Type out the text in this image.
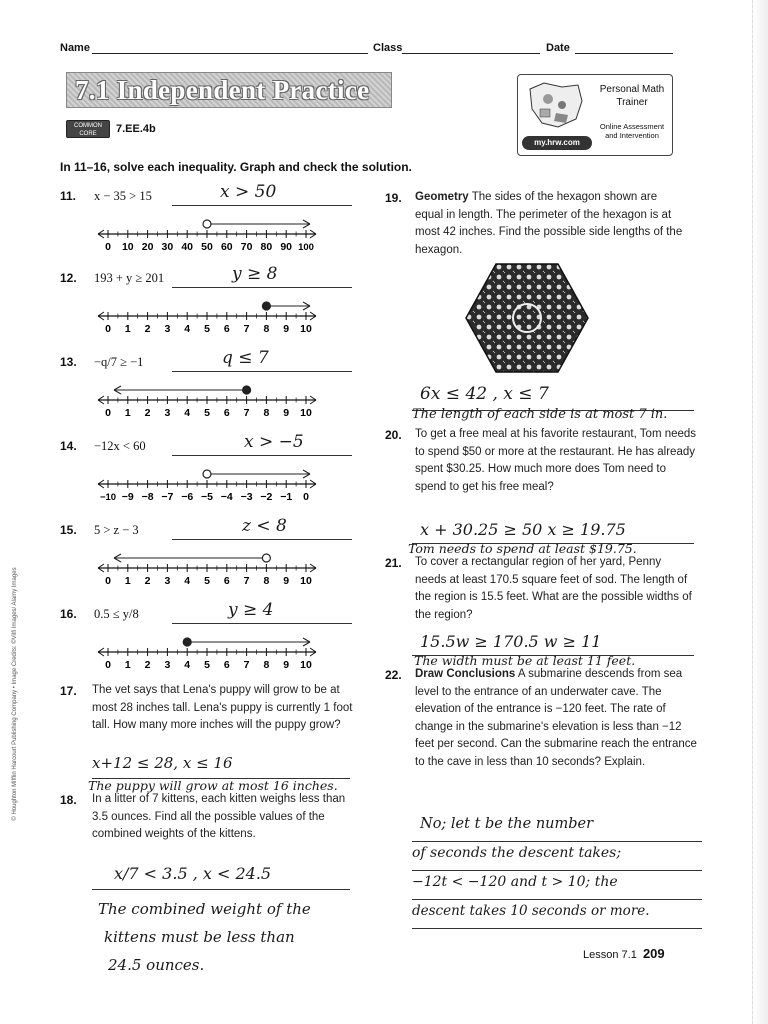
Name	Class	Date
7.1 Independent Practice
COMMON CORE	7.EE.4b
Personal Math Trainer
Online Assessment and Intervention
my.hrw.com
In 11–16, solve each inequality. Graph and check the solution.
11. x − 35 > 15	x > 50
0 10 20 30 40 50 60 70 80 90 100
12. 193 + y ≥ 201	y ≥ 8
0 1 2 3 4 5 6 7 8 9 10
13. −q/7 ≥ −1	q ≤ 7
0 1 2 3 4 5 6 7 8 9 10
14. −12x < 60	x > −5
−10 −9 −8 −7 −6 −5 −4 −3 −2 −1 0
15. 5 > z − 3	z < 8
0 1 2 3 4 5 6 7 8 9 10
16. 0.5 ≤ y/8	y ≥ 4
0 1 2 3 4 5 6 7 8 9 10
17. The vet says that Lena's puppy will grow to be at most 28 inches tall. Lena's puppy is currently 1 foot tall. How many more inches will the puppy grow?
x+12 ≤ 28, x ≤ 16
The puppy will grow at most 16 inches.
18. In a litter of 7 kittens, each kitten weighs less than 3.5 ounces. Find all the possible values of the combined weights of the kittens.
x/7 < 3.5 , x < 24.5
The combined weight of the
kittens must be less than
24.5 ounces.
19. Geometry The sides of the hexagon shown are equal in length. The perimeter of the hexagon is at most 42 inches. Find the possible side lengths of the hexagon.
6x ≤ 42 , x ≤ 7
The length of each side is at most 7 in.
20. To get a free meal at his favorite restaurant, Tom needs to spend $50 or more at the restaurant. He has already spent $30.25. How much more does Tom need to spend to get his free meal?
x + 30.25 ≥ 50 x ≥ 19.75
Tom needs to spend at least $19.75.
21. To cover a rectangular region of her yard, Penny needs at least 170.5 square feet of sod. The length of the region is 15.5 feet. What are the possible widths of the region?
15.5w ≥ 170.5 w ≥ 11
The width must be at least 11 feet.
22. Draw Conclusions A submarine descends from sea level to the entrance of an underwater cave. The elevation of the entrance is −120 feet. The rate of change in the submarine's elevation is less than −12 feet per second. Can the submarine reach the entrance to the cave in less than 10 seconds? Explain.
No; let t be the number
of seconds the descent takes;
−12t < −120 and t > 10; the
descent takes 10 seconds or more.
Lesson 7.1 209
© Houghton Mifflin Harcourt Publishing Company • Image Credits: ©Vilfi Images/ Alamy Images
